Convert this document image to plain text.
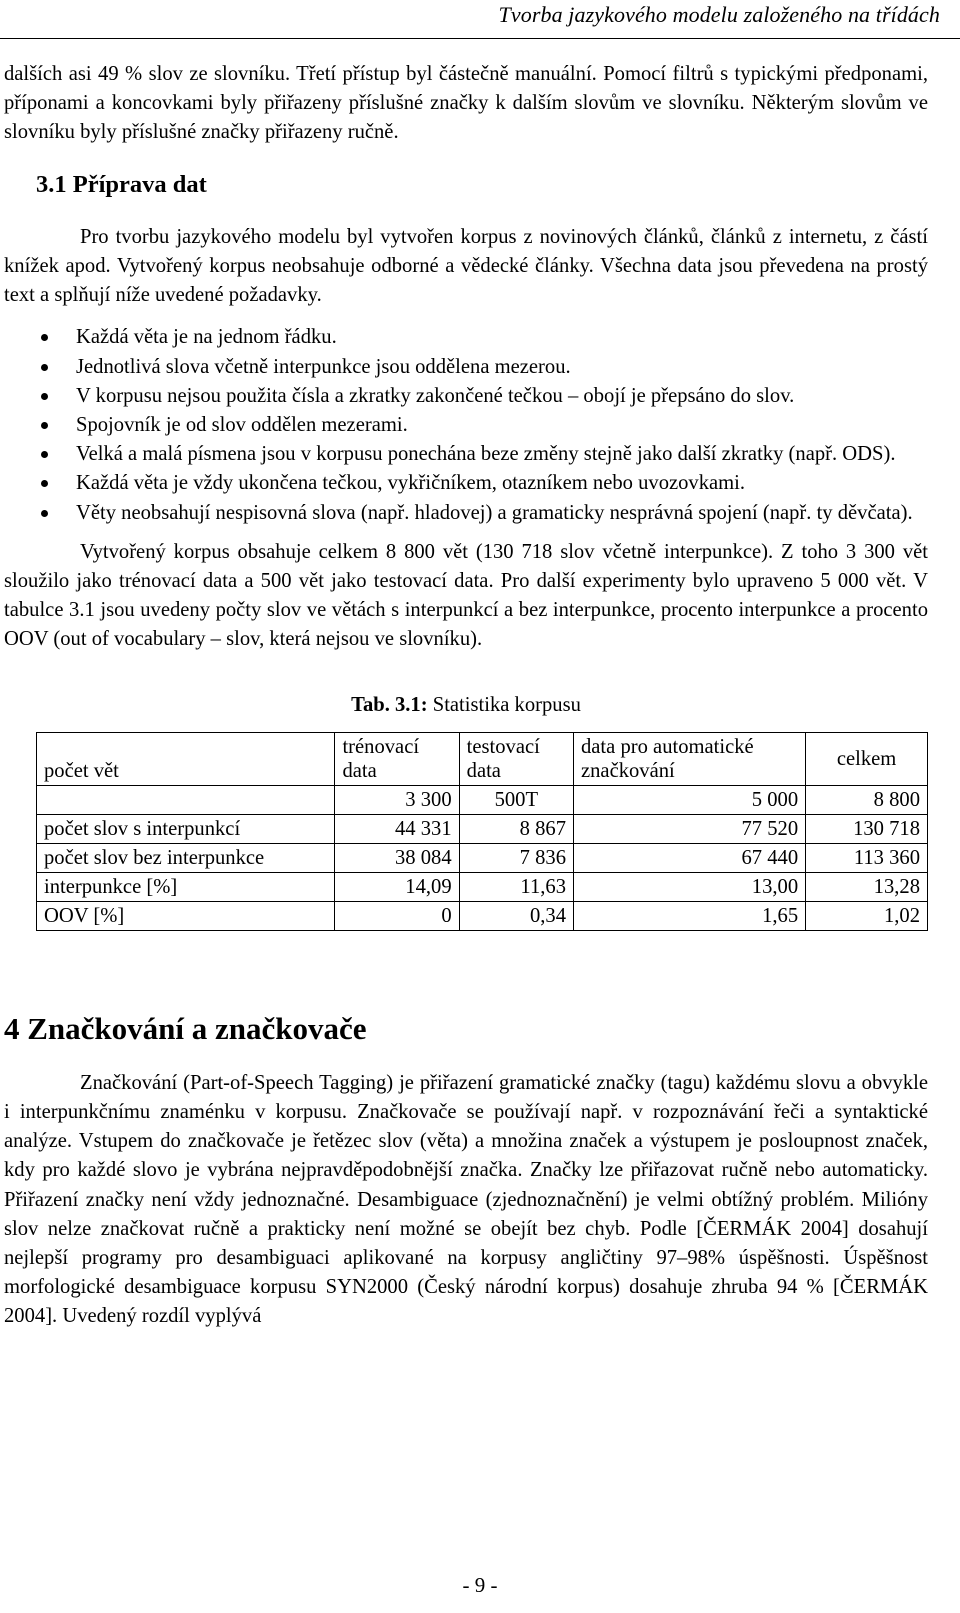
Tvorba jazykového modelu založeného na třídách

dalších asi 49 % slov ze slovníku. Třetí přístup byl částečně manuální. Pomocí filtrů s typickými předponami, příponami a koncovkami byly přiřazeny příslušné značky k dalším slovům ve slovníku. Některým slovům ve slovníku byly příslušné značky přiřazeny ručně.

3.1 Příprava dat

Pro tvorbu jazykového modelu byl vytvořen korpus z novinových článků, článků z internetu, z částí knížek apod. Vytvořený korpus neobsahuje odborné a vědecké články. Všechna data jsou převedena na prostý text a splňují níže uvedené požadavky.

Každá věta je na jednom řádku.
Jednotlivá slova včetně interpunkce jsou oddělena mezerou.
V korpusu nejsou použita čísla a zkratky zakončené tečkou – obojí je přepsáno do slov.
Spojovník je od slov oddělen mezerami.
Velká a malá písmena jsou v korpusu ponechána beze změny stejně jako další zkratky (např. ODS).
Každá věta je vždy ukončena tečkou, vykřičníkem, otazníkem nebo uvozovkami.
Věty neobsahují nespisovná slova (např. hladovej) a gramaticky nesprávná spojení (např. ty děvčata).

Vytvořený korpus obsahuje celkem 8 800 vět (130 718 slov včetně interpunkce). Z toho 3 300 vět sloužilo jako trénovací data a 500 vět jako testovací data. Pro další experimenty bylo upraveno 5 000 vět. V tabulce 3.1 jsou uvedeny počty slov ve větách s interpunkcí a bez interpunkce, procento interpunkce a procento OOV (out of vocabulary – slov, která nejsou ve slovníku).

Tab. 3.1: Statistika korpusu
počet vět	trénovací data	testovací data	data pro automatické značkování	celkem
	3 300	500T	5 000	8 800
počet slov s interpunkcí	44 331	8 867	77 520	130 718
počet slov bez interpunkce	38 084	7 836	67 440	113 360
interpunkce [%]	14,09	11,63	13,00	13,28
OOV [%]	0	0,34	1,65	1,02
4 Značkování a značkovače

Značkování (Part-of-Speech Tagging) je přiřazení gramatické značky (tagu) každému slovu a obvykle i interpunkčnímu znaménku v korpusu. Značkovače se používají např. v rozpoznávání řeči a syntaktické analýze. Vstupem do značkovače je řetězec slov (věta) a množina značek a výstupem je posloupnost značek, kdy pro každé slovo je vybrána nejpravděpodobnější značka. Značky lze přiřazovat ručně nebo automaticky. Přiřazení značky není vždy jednoznačné. Desambiguace (zjednoznačnění) je velmi obtížný problém. Milióny slov nelze značkovat ručně a prakticky není možné se obejít bez chyb. Podle [ČERMÁK 2004] dosahují nejlepší programy pro desambiguaci aplikované na korpusy angličtiny 97–98% úspěšnosti. Úspěšnost morfologické desambiguace korpusu SYN2000 (Český národní korpus) dosahuje zhruba 94 % [ČERMÁK 2004]. Uvedený rozdíl vyplývá

- 9 -
